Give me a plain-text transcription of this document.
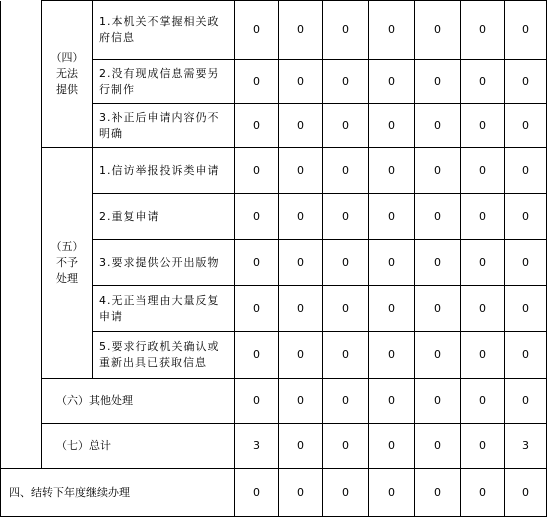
	（四）
无法
提供	1.本机关不掌握相关政府信息	0	0	0	0	0	0	0
		2.没有现成信息需要另行制作	0	0	0	0	0	0	0
		3.补正后申请内容仍不明确	0	0	0	0	0	0	0

	（五）
不予
处理	1.信访举报投诉类申请	0	0	0	0	0	0	0
		2.重复申请	0	0	0	0	0	0	0
		3.要求提供公开出版物	0	0	0	0	0	0	0
		4.无正当理由大量反复申请	0	0	0	0	0	0	0
		5.要求行政机关确认或重新出具已获取信息	0	0	0	0	0	0	0
	（六）其他处理		0	0	0	0	0	0	0
	（七）总计		3	0	0	0	0	0	3
四、结转下年度继续办理			0	0	0	0	0	0	0
